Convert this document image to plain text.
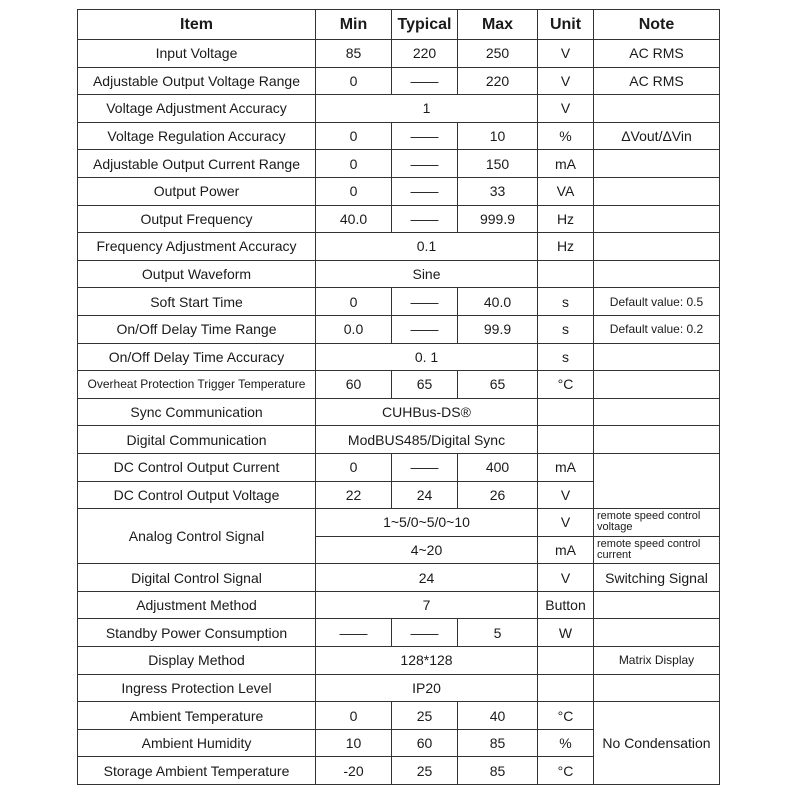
Item	Min	Typical	Max	Unit	Note
Input Voltage	85	220	250	V	AC RMS
Adjustable Output Voltage Range	0	——	220	V	AC RMS
Voltage Adjustment Accuracy	1			V	
Voltage Regulation Accuracy	0	——	10	%	ΔVout/ΔVin
Adjustable Output Current Range	0	——	150	mA	
Output Power	0	——	33	VA	
Output Frequency	40.0	——	999.9	Hz	
Frequency Adjustment Accuracy	0.1			Hz	
Output Waveform	Sine				
Soft Start Time	0	——	40.0	s	Default value: 0.5
On/Off Delay Time Range	0.0	——	99.9	s	Default value: 0.2
On/Off Delay Time Accuracy	0. 1			s	
Overheat Protection Trigger Temperature	60	65	65	°C	
Sync Communication	CUHBus-DS®				
Digital Communication	ModBUS485/Digital Sync				
DC Control Output Current	0	——	400	mA	
DC Control Output Voltage	22	24	26	V	
Analog Control Signal	1~5/0~5/0~10			V	remote speed control voltage
	4~20			mA	remote speed control current
Digital Control Signal	24			V	Switching Signal
Adjustment Method	7			Button	
Standby Power Consumption	——	——	5	W	
Display Method	128*128				Matrix Display
Ingress Protection Level	IP20				
Ambient Temperature	0	25	40	°C	No Condensation
Ambient Humidity	10	60	85	%	
Storage Ambient Temperature	-20	25	85	°C	
